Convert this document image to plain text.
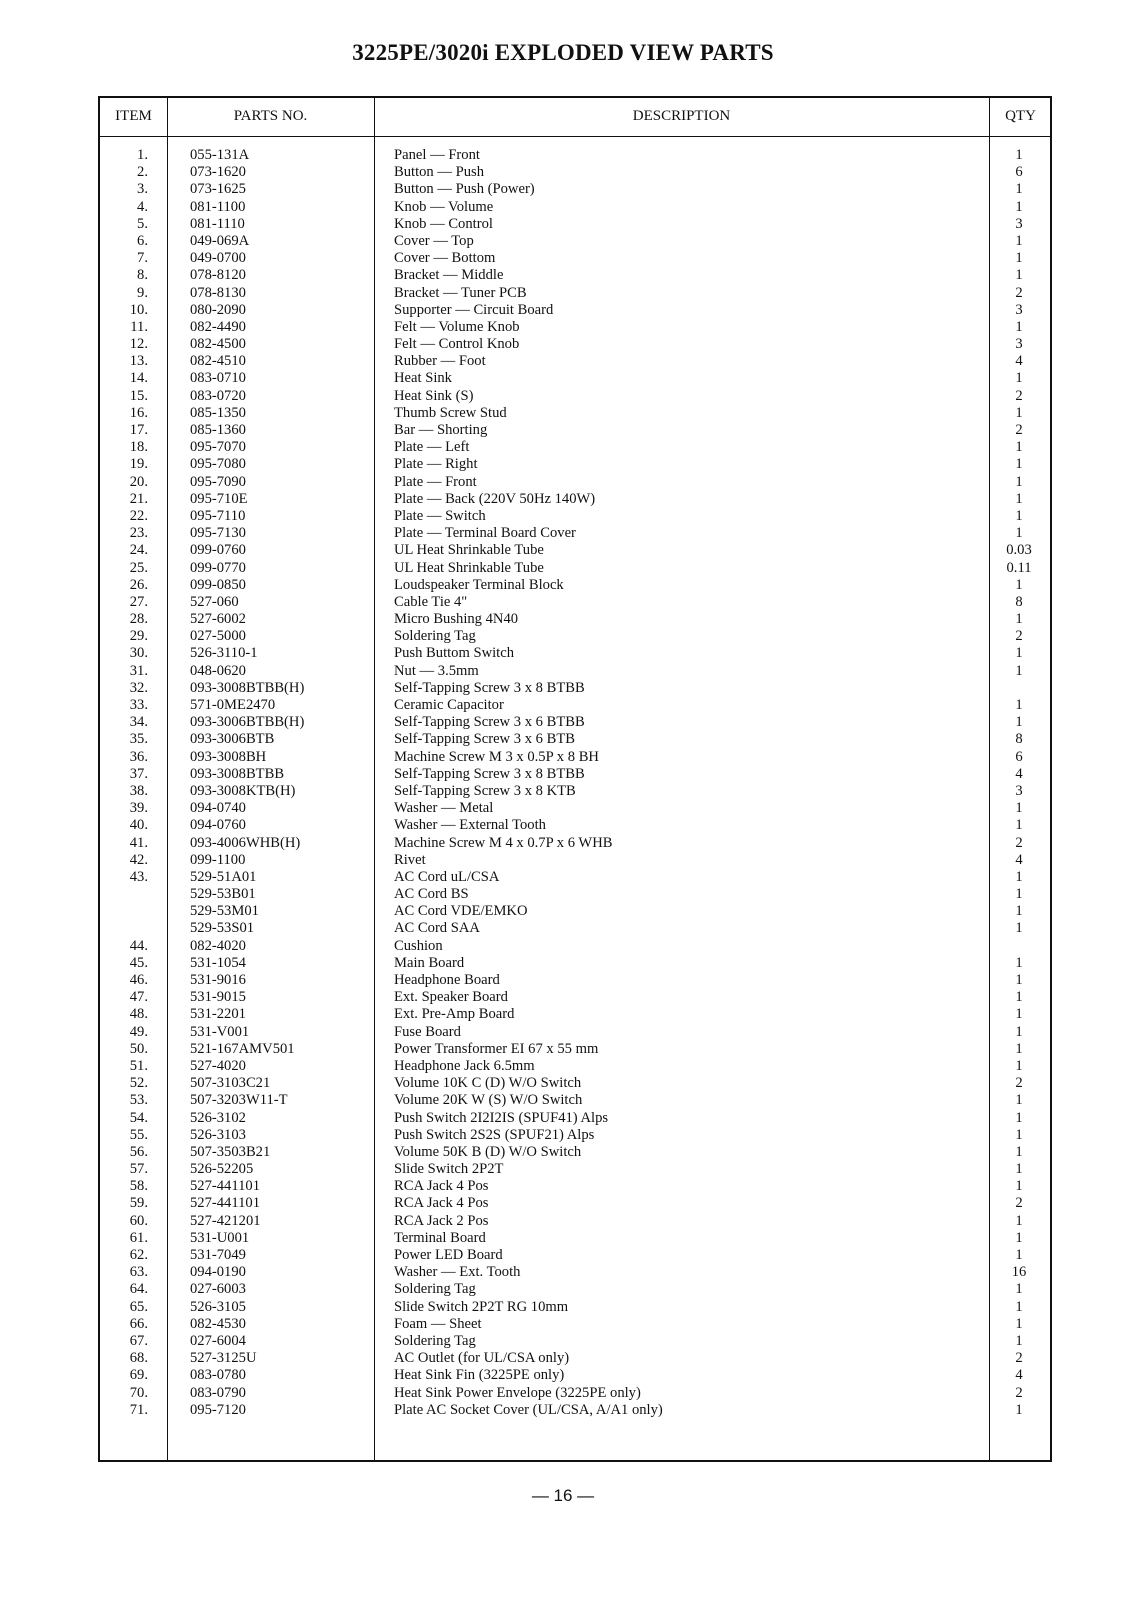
3225PE/3020i EXPLODED VIEW PARTS
ITEM	PARTS NO.	DESCRIPTION	QTY
1.	055-131A	Panel — Front	1
2.	073-1620	Button — Push	6
3.	073-1625	Button — Push (Power)	1
4.	081-1100	Knob — Volume	1
5.	081-1110	Knob — Control	3
6.	049-069A	Cover — Top	1
7.	049-0700	Cover — Bottom	1
8.	078-8120	Bracket — Middle	1
9.	078-8130	Bracket — Tuner PCB	2
10.	080-2090	Supporter — Circuit Board	3
11.	082-4490	Felt — Volume Knob	1
12.	082-4500	Felt — Control Knob	3
13.	082-4510	Rubber — Foot	4
14.	083-0710	Heat Sink	1
15.	083-0720	Heat Sink (S)	2
16.	085-1350	Thumb Screw Stud	1
17.	085-1360	Bar — Shorting	2
18.	095-7070	Plate — Left	1
19.	095-7080	Plate — Right	1
20.	095-7090	Plate — Front	1
21.	095-710E	Plate — Back (220V 50Hz 140W)	1
22.	095-7110	Plate — Switch	1
23.	095-7130	Plate — Terminal Board Cover	1
24.	099-0760	UL Heat Shrinkable Tube	0.03
25.	099-0770	UL Heat Shrinkable Tube	0.11
26.	099-0850	Loudspeaker Terminal Block	1
27.	527-060	Cable Tie 4"	8
28.	527-6002	Micro Bushing 4N40	1
29.	027-5000	Soldering Tag	2
30.	526-3110-1	Push Buttom Switch	1
31.	048-0620	Nut — 3.5mm	1
32.	093-3008BTBB(H)	Self-Tapping Screw 3 x 8 BTBB
33.	571-0ME2470	Ceramic Capacitor	1
34.	093-3006BTBB(H)	Self-Tapping Screw 3 x 6 BTBB	1
35.	093-3006BTB	Self-Tapping Screw 3 x 6 BTB	8
36.	093-3008BH	Machine Screw M 3 x 0.5P x 8 BH	6
37.	093-3008BTBB	Self-Tapping Screw 3 x 8 BTBB	4
38.	093-3008KTB(H)	Self-Tapping Screw 3 x 8 KTB	3
39.	094-0740	Washer — Metal	1
40.	094-0760	Washer — External Tooth	1
41.	093-4006WHB(H)	Machine Screw M 4 x 0.7P x 6 WHB	2
42.	099-1100	Rivet	4
43.	529-51A01	AC Cord uL/CSA	1
529-53B01	AC Cord BS	1
529-53M01	AC Cord VDE/EMKO	1
529-53S01	AC Cord SAA	1
44.	082-4020	Cushion
45.	531-1054	Main Board	1
46.	531-9016	Headphone Board	1
47.	531-9015	Ext. Speaker Board	1
48.	531-2201	Ext. Pre-Amp Board	1
49.	531-V001	Fuse Board	1
50.	521-167AMV501	Power Transformer EI 67 x 55 mm	1
51.	527-4020	Headphone Jack 6.5mm	1
52.	507-3103C21	Volume 10K C (D) W/O Switch	2
53.	507-3203W11-T	Volume 20K W (S) W/O Switch	1
54.	526-3102	Push Switch 2I2I2IS (SPUF41) Alps	1
55.	526-3103	Push Switch 2S2S (SPUF21) Alps	1
56.	507-3503B21	Volume 50K B (D) W/O Switch	1
57.	526-52205	Slide Switch 2P2T	1
58.	527-441101	RCA Jack 4 Pos	1
59.	527-441101	RCA Jack 4 Pos	2
60.	527-421201	RCA Jack 2 Pos	1
61.	531-U001	Terminal Board	1
62.	531-7049	Power LED Board	1
63.	094-0190	Washer — Ext. Tooth	16
64.	027-6003	Soldering Tag	1
65.	526-3105	Slide Switch 2P2T RG 10mm	1
66.	082-4530	Foam — Sheet	1
67.	027-6004	Soldering Tag	1
68.	527-3125U	AC Outlet (for UL/CSA only)	2
69.	083-0780	Heat Sink Fin (3225PE only)	4
70.	083-0790	Heat Sink Power Envelope (3225PE only)	2
71.	095-7120	Plate AC Socket Cover (UL/CSA, A/A1 only)	1
— 16 —
